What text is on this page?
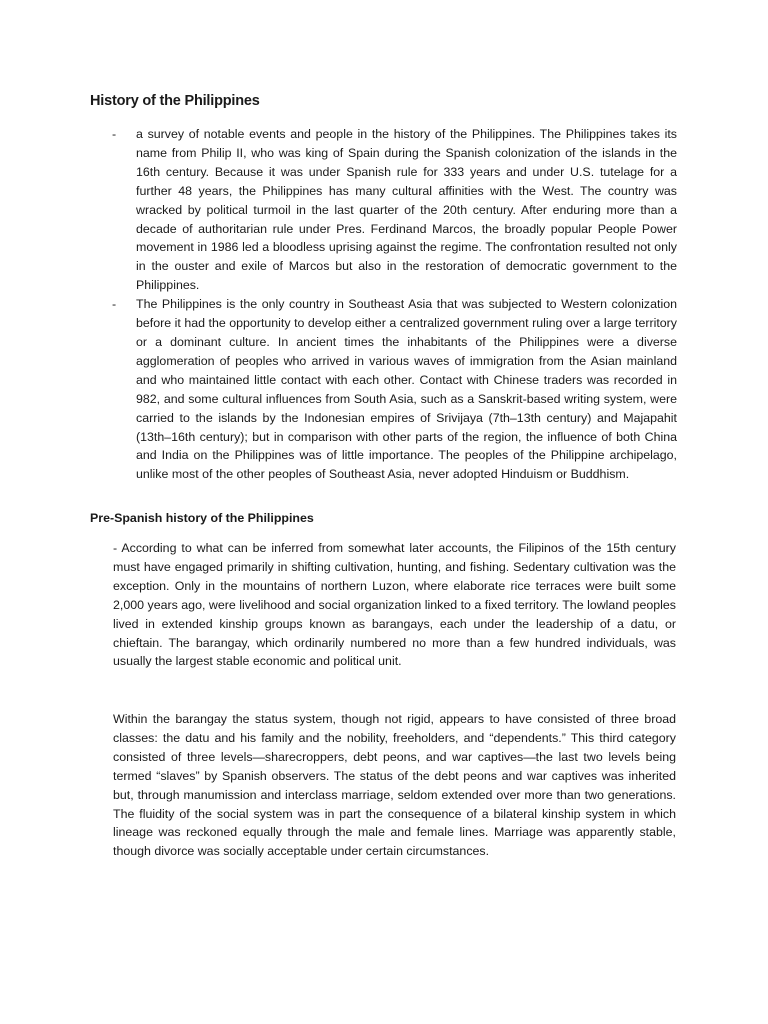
History of the Philippines
- a survey of notable events and people in the history of the Philippines. The Philippines takes its name from Philip II, who was king of Spain during the Spanish colonization of the islands in the 16th century. Because it was under Spanish rule for 333 years and under U.S. tutelage for a further 48 years, the Philippines has many cultural affinities with the West. The country was wracked by political turmoil in the last quarter of the 20th century. After enduring more than a decade of authoritarian rule under Pres. Ferdinand Marcos, the broadly popular People Power movement in 1986 led a bloodless uprising against the regime. The confrontation resulted not only in the ouster and exile of Marcos but also in the restoration of democratic government to the Philippines.
- The Philippines is the only country in Southeast Asia that was subjected to Western colonization before it had the opportunity to develop either a centralized government ruling over a large territory or a dominant culture. In ancient times the inhabitants of the Philippines were a diverse agglomeration of peoples who arrived in various waves of immigration from the Asian mainland and who maintained little contact with each other. Contact with Chinese traders was recorded in 982, and some cultural influences from South Asia, such as a Sanskrit-based writing system, were carried to the islands by the Indonesian empires of Srivijaya (7th–13th century) and Majapahit (13th–16th century); but in comparison with other parts of the region, the influence of both China and India on the Philippines was of little importance. The peoples of the Philippine archipelago, unlike most of the other peoples of Southeast Asia, never adopted Hinduism or Buddhism.
Pre-Spanish history of the Philippines

- According to what can be inferred from somewhat later accounts, the Filipinos of the 15th century must have engaged primarily in shifting cultivation, hunting, and fishing. Sedentary cultivation was the exception. Only in the mountains of northern Luzon, where elaborate rice terraces were built some 2,000 years ago, were livelihood and social organization linked to a fixed territory. The lowland peoples lived in extended kinship groups known as barangays, each under the leadership of a datu, or chieftain. The barangay, which ordinarily numbered no more than a few hundred individuals, was usually the largest stable economic and political unit.

Within the barangay the status system, though not rigid, appears to have consisted of three broad classes: the datu and his family and the nobility, freeholders, and “dependents.” This third category consisted of three levels—sharecroppers, debt peons, and war captives—the last two levels being termed “slaves” by Spanish observers. The status of the debt peons and war captives was inherited but, through manumission and interclass marriage, seldom extended over more than two generations. The fluidity of the social system was in part the consequence of a bilateral kinship system in which lineage was reckoned equally through the male and female lines. Marriage was apparently stable, though divorce was socially acceptable under certain circumstances.
